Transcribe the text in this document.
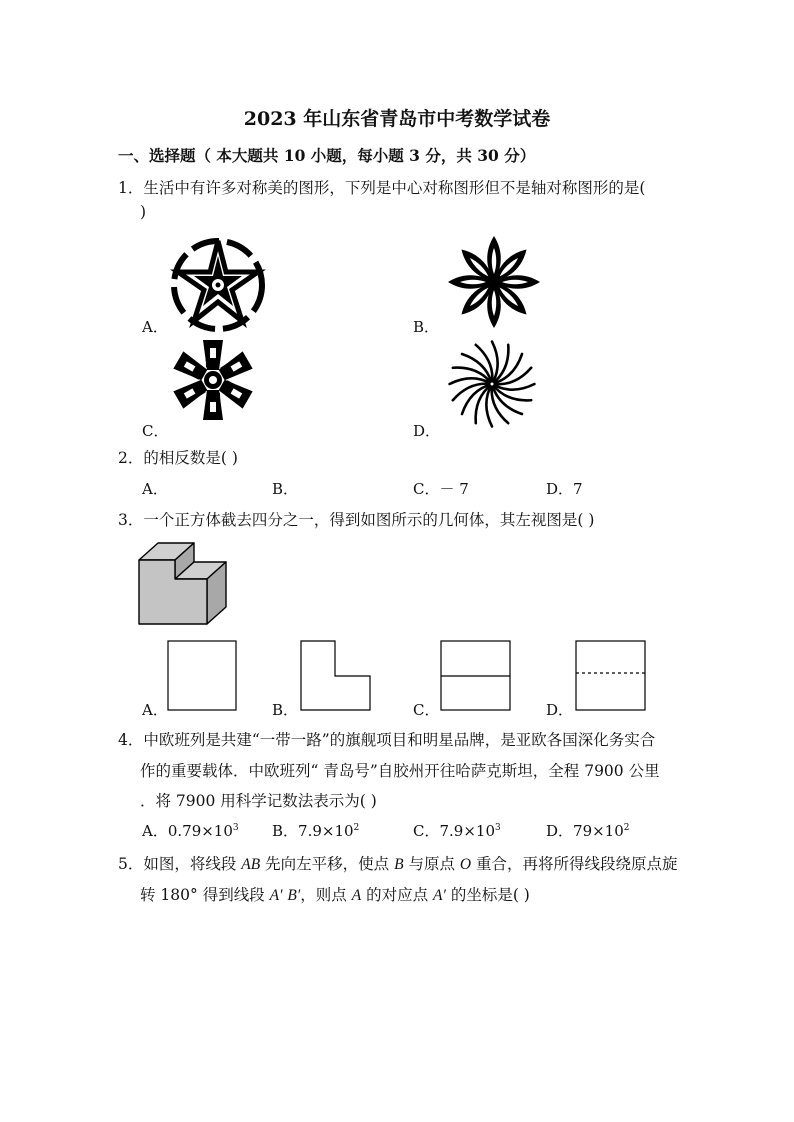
2023 年山东省青岛市中考数学试卷
一、选择题（ 本大题共 10 小题，每小题 3 分，共 30 分）
1．生活中有许多对称美的图形，下列是中心对称图形但不是轴对称图形的是(
)
A．	B．
C．	D．
2．的相反数是( )
A．	B．	C．－ 7	D．7
3．一个正方体截去四分之一，得到如图所示的几何体，其左视图是( )
A．	B．	C．	D．
4．中欧班列是共建“一带一路”的旗舰项目和明星品牌，是亚欧各国深化务实合
作的重要载体．中欧班列“ 青岛号”自胶州开往哈萨克斯坦，全程 7900 公里
．将 7900 用科学记数法表示为( )
A．$0.79\times 10^3$ B．$7.9\times 10^2$	C．$7.9\times 10^3$	D．$79\times 10^2$
5．如图，将线段 AB 先向左平移，使点 B 与原点 O 重合，再将所得线段绕原点旋
转 180° 得到线段 A′ B′，则点 A 的对应点 A′ 的坐标是( )
